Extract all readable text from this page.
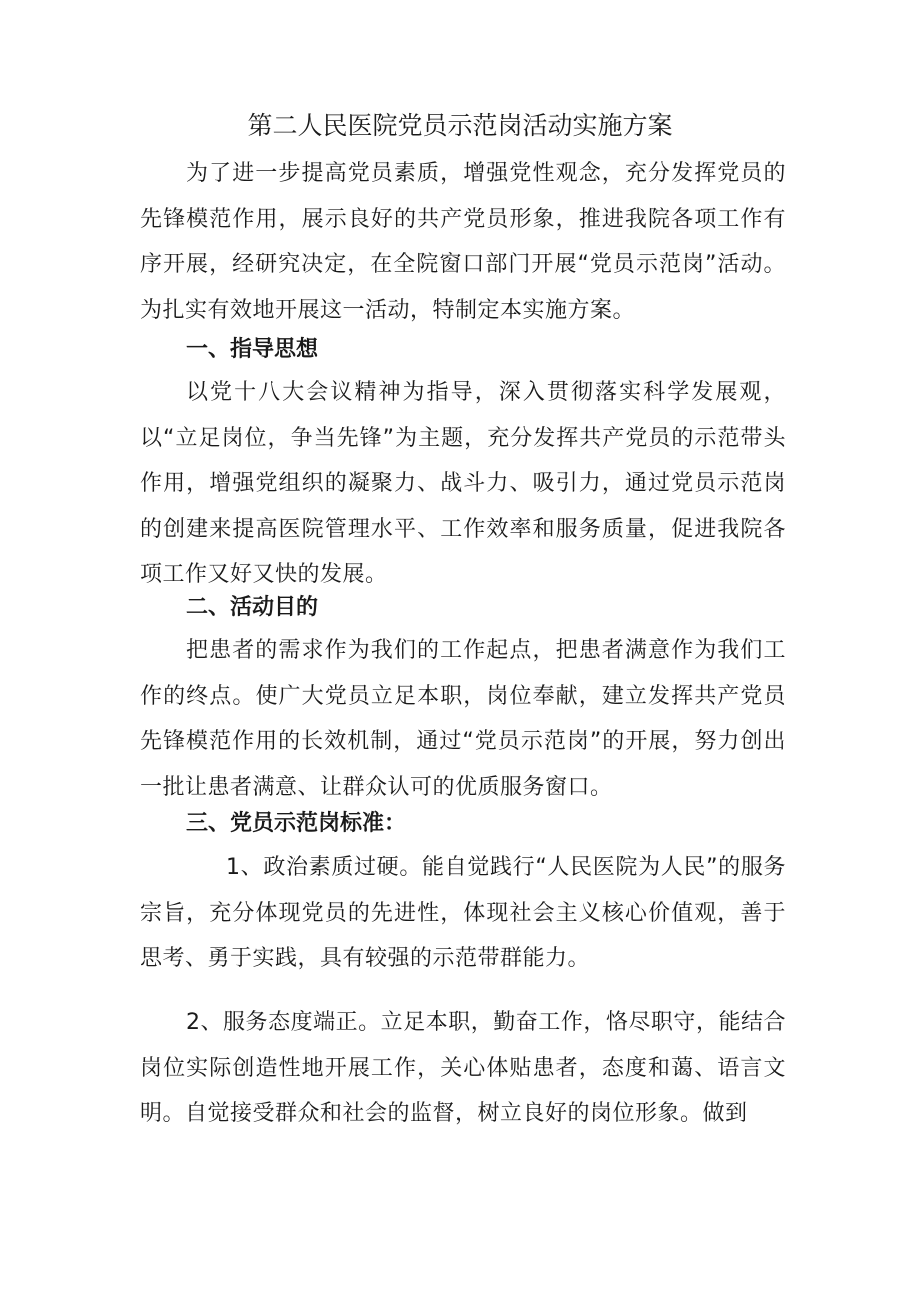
第二人民医院党员示范岗活动实施方案
为了进一步提高党员素质，增强党性观念，充分发挥党员的先锋模范作用，展示良好的共产党员形象，推进我院各项工作有序开展，经研究决定，在全院窗口部门开展“党员示范岗”活动。为扎实有效地开展这一活动，特制定本实施方案。
一、指导思想
以党十八大会议精神为指导，深入贯彻落实科学发展观，以“立足岗位，争当先锋”为主题，充分发挥共产党员的示范带头作用，增强党组织的凝聚力、战斗力、吸引力，通过党员示范岗的创建来提高医院管理水平、工作效率和服务质量，促进我院各项工作又好又快的发展。
二、活动目的
把患者的需求作为我们的工作起点，把患者满意作为我们工作的终点。使广大党员立足本职，岗位奉献，建立发挥共产党员先锋模范作用的长效机制，通过“党员示范岗”的开展，努力创出一批让患者满意、让群众认可的优质服务窗口。
三、党员示范岗标准：
1、政治素质过硬。能自觉践行“人民医院为人民”的服务宗旨，充分体现党员的先进性，体现社会主义核心价值观，善于思考、勇于实践，具有较强的示范带群能力。
2、服务态度端正。立足本职，勤奋工作，恪尽职守，能结合岗位实际创造性地开展工作，关心体贴患者，态度和蔼、语言文明。自觉接受群众和社会的监督，树立良好的岗位形象。做到
